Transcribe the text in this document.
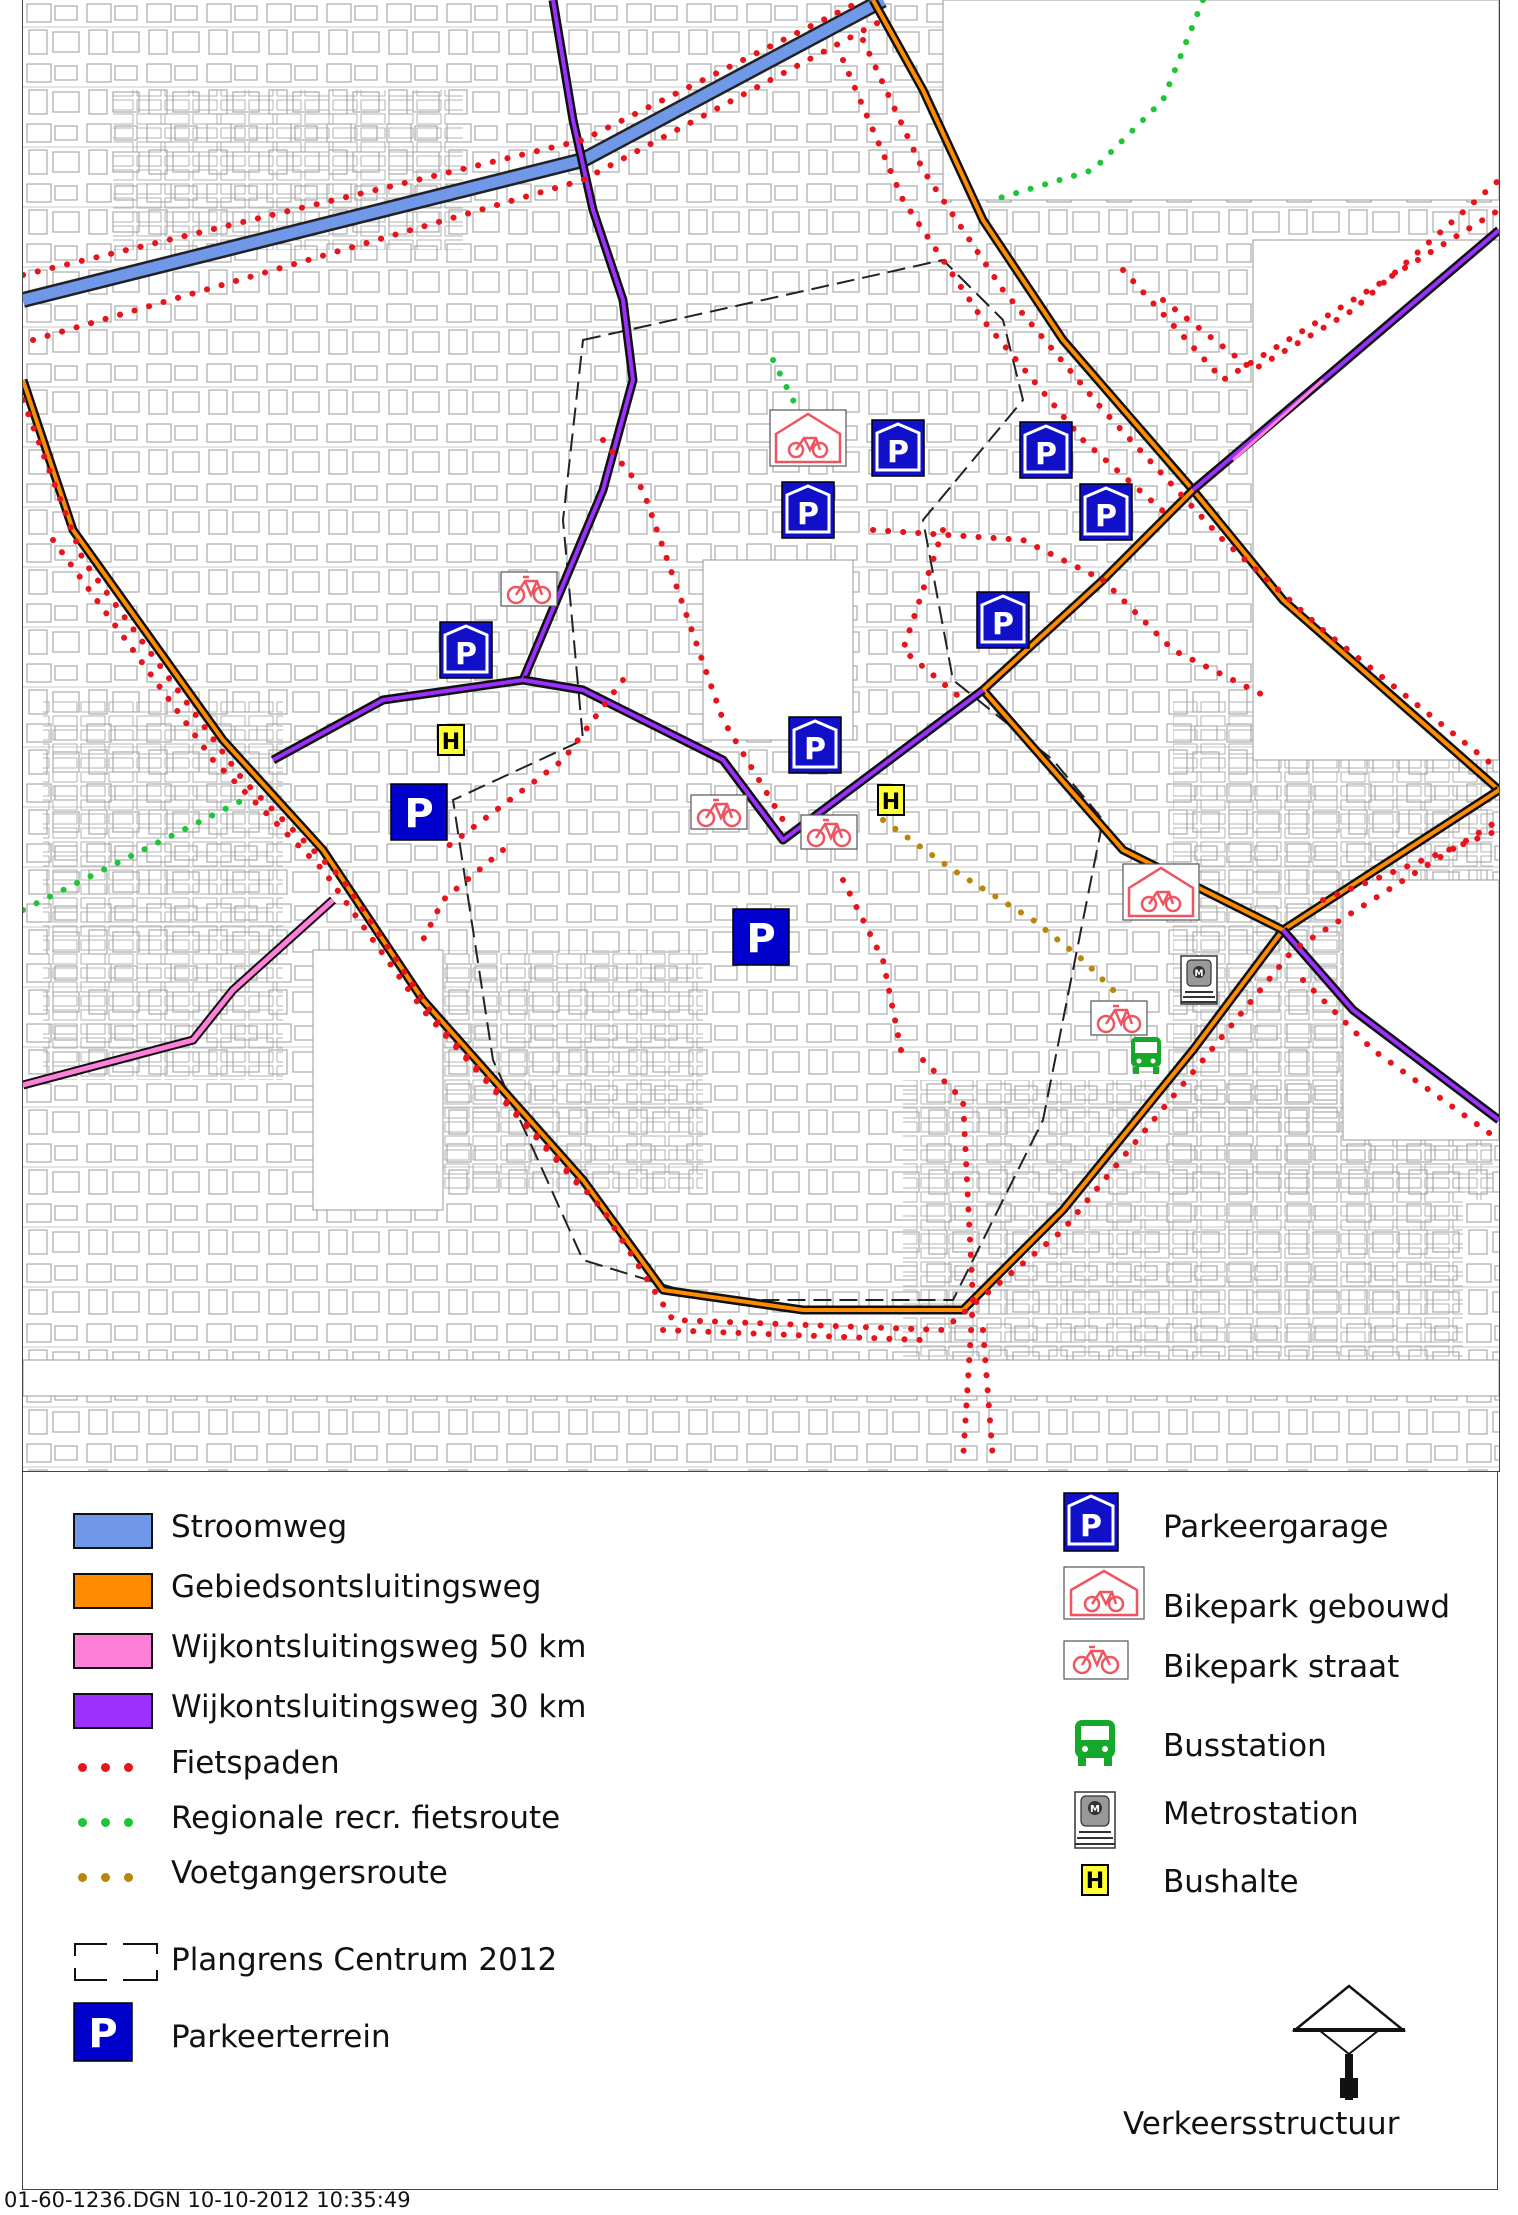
Stroomweg
Gebiedsontsluitingsweg
Wijkontsluitingsweg 50 km
Wijkontsluitingsweg 30 km
Fietspaden
Regionale recr. fietsroute
Voetgangersroute
Plangrens Centrum 2012
P Parkeerterrein
P Parkeergarage
Bikepark gebouwd
Bikepark straat
Busstation
M Metrostation
H Bushalte
Verkeersstructuur
01-60-1236.DGN 10-10-2012 10:35:49
